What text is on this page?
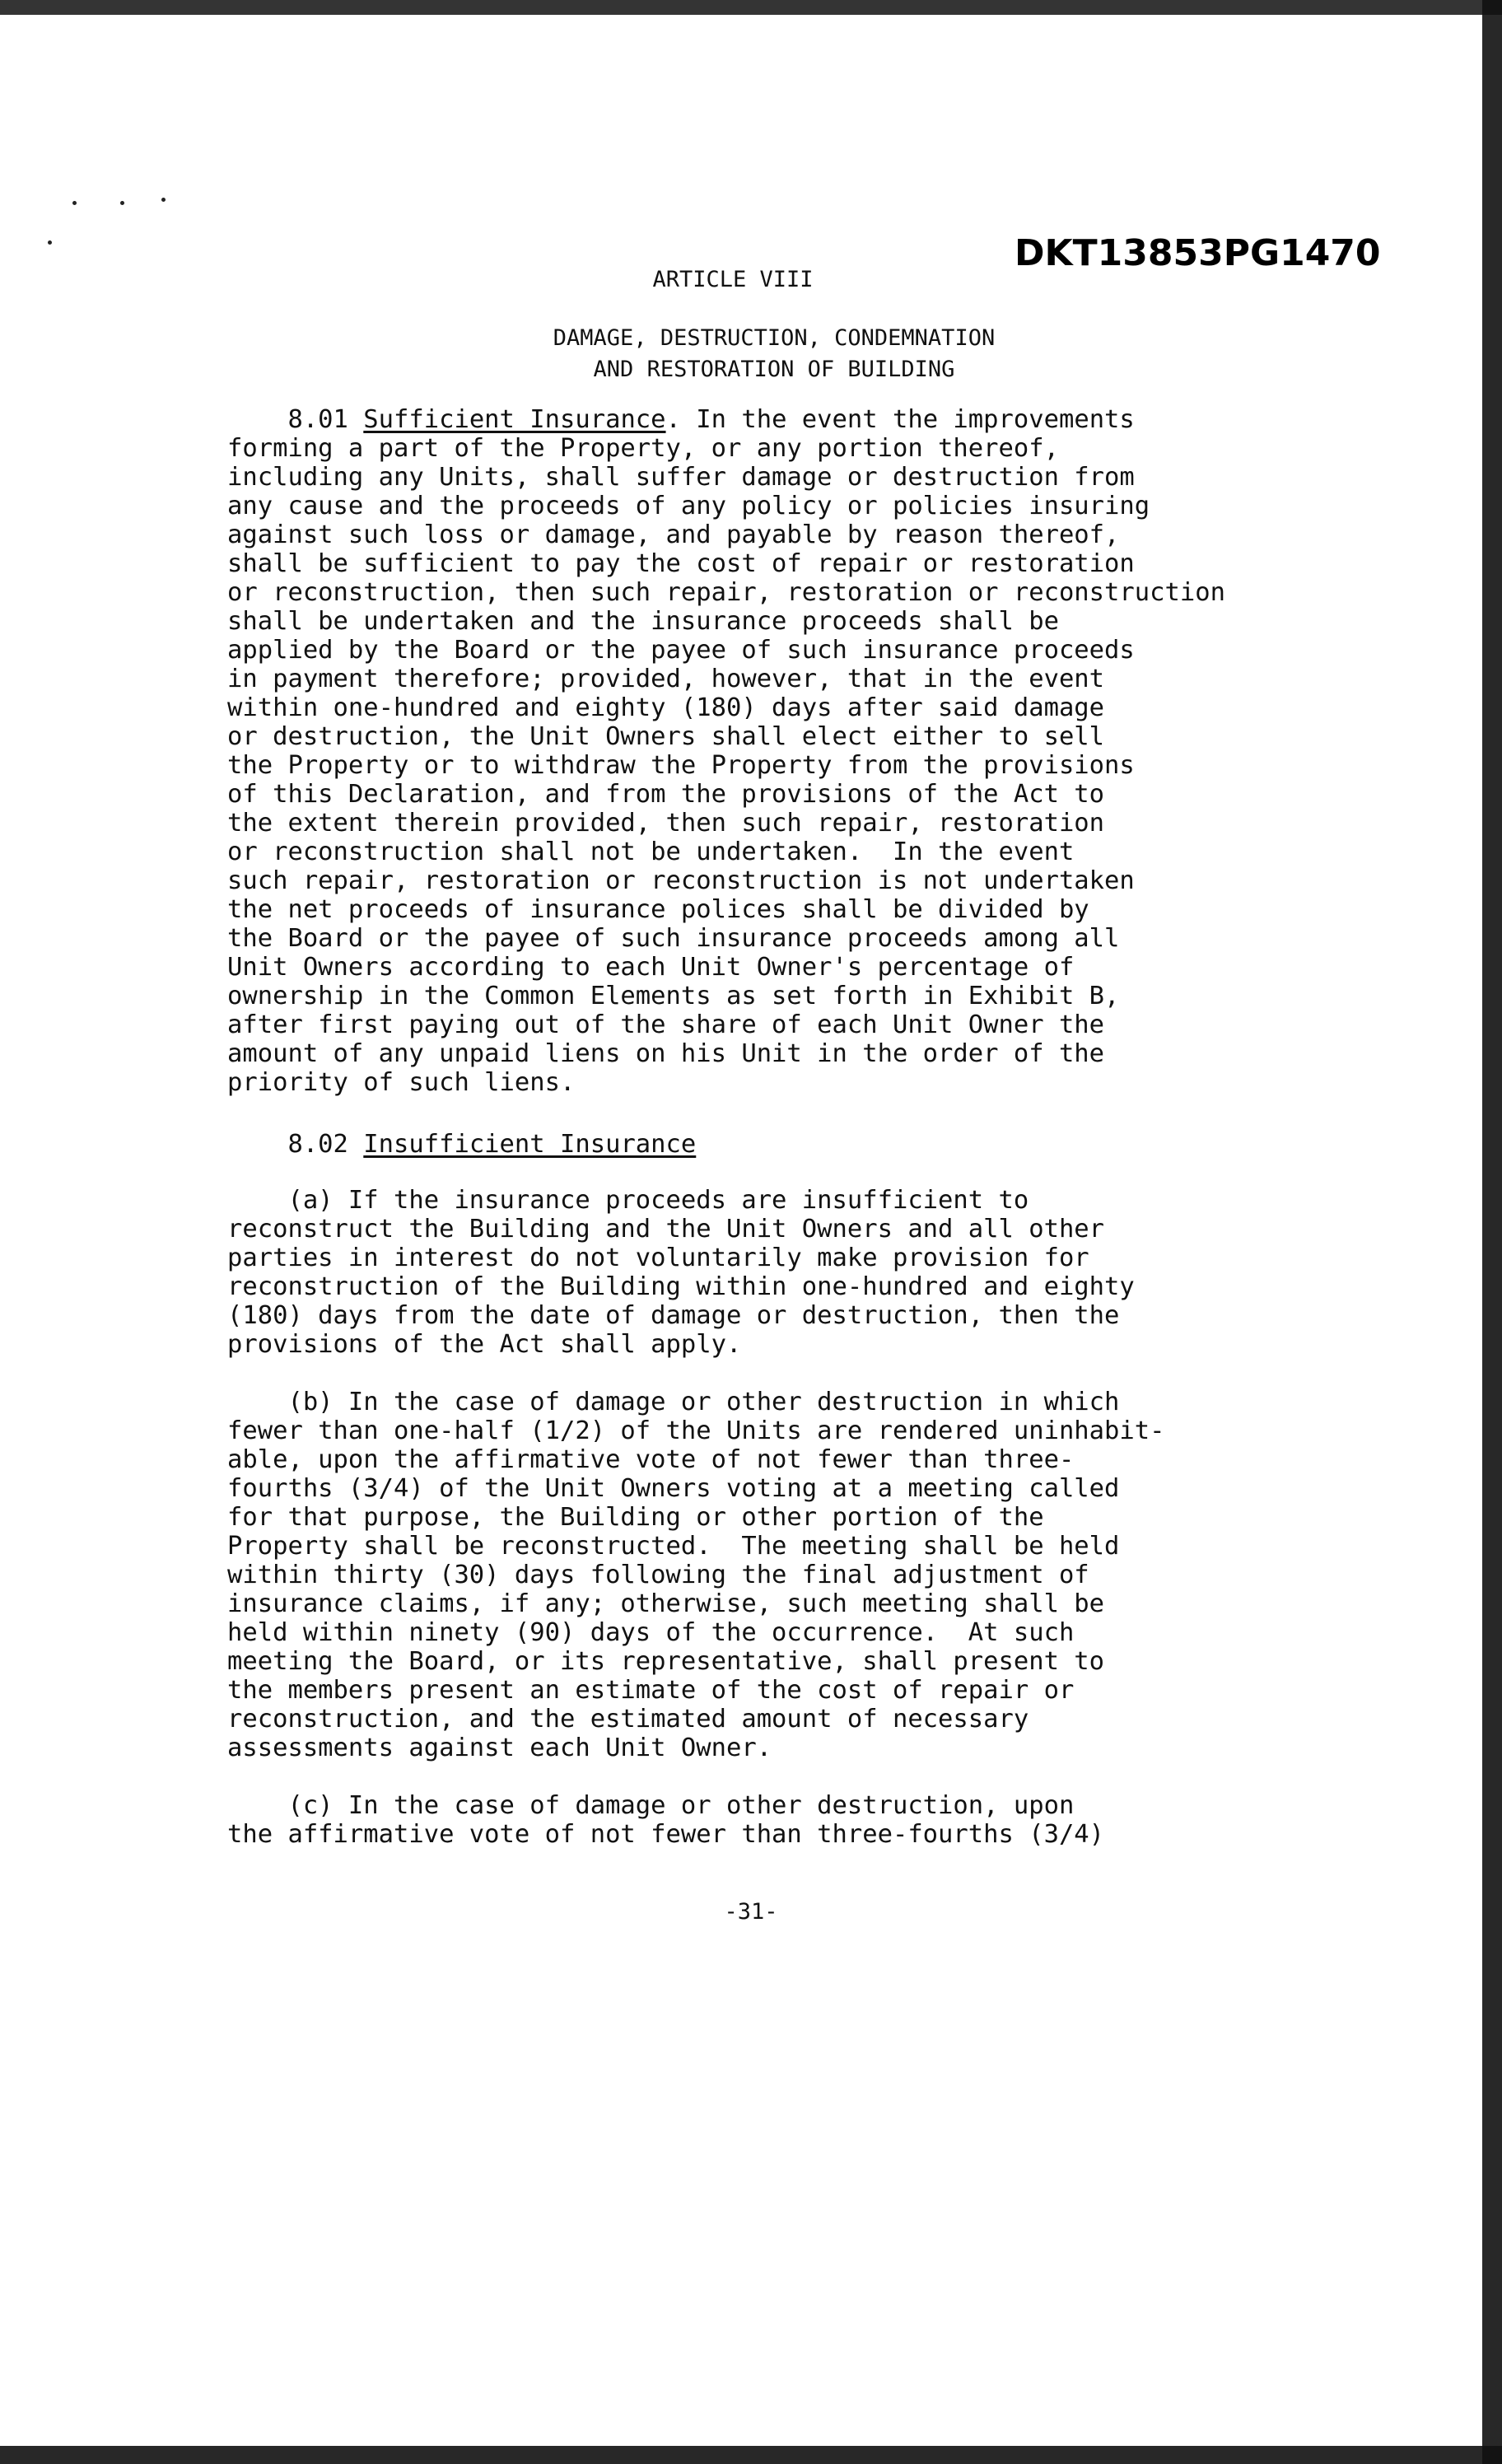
DKT13853PG1470
ARTICLE VIII
DAMAGE, DESTRUCTION, CONDEMNATION
AND RESTORATION OF BUILDING
8.01 Sufficient Insurance. In the event the improvements
forming a part of the Property, or any portion thereof,
including any Units, shall suffer damage or destruction from
any cause and the proceeds of any policy or policies insuring
against such loss or damage, and payable by reason thereof,
shall be sufficient to pay the cost of repair or restoration
or reconstruction, then such repair, restoration or reconstruction
shall be undertaken and the insurance proceeds shall be
applied by the Board or the payee of such insurance proceeds
in payment therefore; provided, however, that in the event
within one-hundred and eighty (180) days after said damage
or destruction, the Unit Owners shall elect either to sell
the Property or to withdraw the Property from the provisions
of this Declaration, and from the provisions of the Act to
the extent therein provided, then such repair, restoration
or reconstruction shall not be undertaken.  In the event
such repair, restoration or reconstruction is not undertaken
the net proceeds of insurance polices shall be divided by
the Board or the payee of such insurance proceeds among all
Unit Owners according to each Unit Owner's percentage of
ownership in the Common Elements as set forth in Exhibit B,
after first paying out of the share of each Unit Owner the
amount of any unpaid liens on his Unit in the order of the
priority of such liens.
8.02 Insufficient Insurance
(a) If the insurance proceeds are insufficient to
reconstruct the Building and the Unit Owners and all other
parties in interest do not voluntarily make provision for
reconstruction of the Building within one-hundred and eighty
(180) days from the date of damage or destruction, then the
provisions of the Act shall apply.
(b) In the case of damage or other destruction in which
fewer than one-half (1/2) of the Units are rendered uninhabit-
able, upon the affirmative vote of not fewer than three-
fourths (3/4) of the Unit Owners voting at a meeting called
for that purpose, the Building or other portion of the
Property shall be reconstructed.  The meeting shall be held
within thirty (30) days following the final adjustment of
insurance claims, if any; otherwise, such meeting shall be
held within ninety (90) days of the occurrence.  At such
meeting the Board, or its representative, shall present to
the members present an estimate of the cost of repair or
reconstruction, and the estimated amount of necessary
assessments against each Unit Owner.
(c) In the case of damage or other destruction, upon
the affirmative vote of not fewer than three-fourths (3/4)
-31-
